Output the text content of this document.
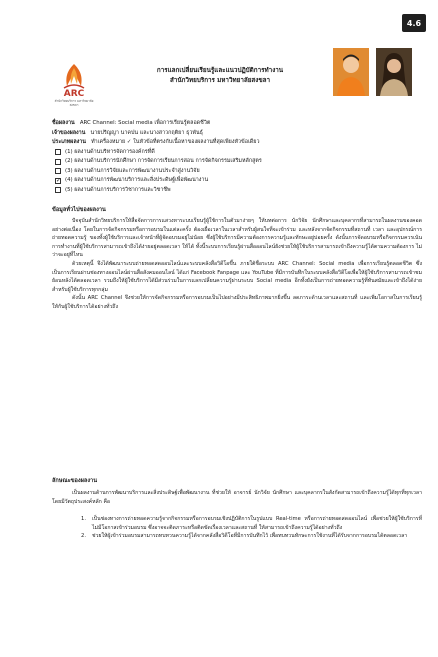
4.6
ARC
สำนักวิทยบริการ มหาวิทยาลัยสงขลา
การแลกเปลี่ยนเรียนรู้และแนวปฏิบัติการทำงาน
สำนักวิทยบริการ มหาวิทยาลัยสงขลา
ชื่อผลงาน ARC Channel: Social media เพื่อการเรียนรู้ตลอดชีวิต
เจ้าของผลงาน นายปริญญา นาคปน และนางสาวกฤติยา ธุวพันธุ์
ประเภทผลงาน ทำเครื่องหมาย ✓ ในหัวข้อที่ตรงกับเนื้อหาของผลงานที่สุดเพียงหัวข้อเดียว
(1) ผลงานด้านบริหารจัดการองค์กรที่ดี
(2) ผลงานด้านบริการนักศึกษา การจัดการเรียนการสอน การจัดกิจกรรมเสริมหลักสูตร
(3) ผลงานด้านการวิจัยและการพัฒนางานประจำสู่งานวิจัย
✓
(4) ผลงานด้านการพัฒนาบริการและสิ่งประดิษฐ์เพื่อพัฒนางาน
(5) ผลงานด้านการบริการวิชาการและวิชาชีพ
ข้อมูลทั่วไปของผลงาน

ปัจจุบันสำนักวิทยบริการให้สื่อจัดการการแสวงหาระบบเรียนรู้ผู้ใช้การในตัวมาง่ายๆ ให้บทต่อการ นักวิจัย นักศึกษาและบุคลากรที่สามารถในผลงานของคอดอย่างต่อเนื่อง โดยในการจัดกิจกรรมหรือการอบรมในแต่ละครั้ง ต้องเผื่อเวลาในเวลาสำหรับผู้สนใจที่จะเข้าร่วม และหลังจากจัดกิจกรรมที่สถานที่ เวลา และอุปกรณ์การถ่ายทอดความรู้ ของทั้งผู้ใช้บริการและเจ้าหน้าที่ผู้จัดอบรมอยู่ไม่น้อย ซึ่งผู้ใช้บริการมีความต้องการความรู้และทักษะอยู่บ่อยครั้ง ดังนั้นการจัดอบรมหรือกิจกรรมควรเน้นการทำงานที่ผู้ใช้บริการสามารถเข้าถึงได้ง่ายอยู่ตลอดเวลา ให้ได้ ทั้งนี้ระบบการเรียนรู้ผ่านสื่อออนไลน์ยังช่วยให้ผู้ใช้บริการสามารถเข้าถึงความรู้ได้ตามความต้องการ ไม่ว่าจะอยู่ที่ไหน

ด้วยเหตุนี้ จึงได้พัฒนาระบบถ่ายทอดสดออนไลน์และระบบคลังสื่อวิดีโอขึ้น ภายใต้ชื่อระบบ ARC Channel: Social media เพื่อการเรียนรู้ตลอดชีวิต ซึ่งเป็นการเรียนผ่านช่องทางออนไลน์ผ่านสื่อสังคมออนไลน์ ได้แก่ Facebook Fanpage และ YouTube ที่มีการบันทึกในระบบคลังสื่อวิดีโอเพื่อให้ผู้ใช้บริการสามารถเข้าชมย้อนหลังได้ตลอดเวลา รวมถึงให้ผู้ใช้บริการได้มีส่วนร่วมในการแลกเปลี่ยนความรู้ผ่านระบบ Social media อีกทั้งยังเป็นการถ่ายทอดความรู้ที่ทันสมัยและเข้าถึงได้ง่ายสำหรับผู้ใช้บริการทุกกลุ่ม

ดังนั้น ARC Channel จึงช่วยให้การจัดกิจกรรมหรือการอบรมเป็นไปอย่างมีประสิทธิภาพมากยิ่งขึ้น ลดภาระด้านเวลาและสถานที่ และเพิ่มโอกาสในการเรียนรู้ให้กับผู้ใช้บริการได้อย่างทั่วถึง

ลักษณะของผลงาน

เป็นผลงานด้านการพัฒนาบริการและสิ่งประดิษฐ์เพื่อพัฒนางาน ที่ช่วยให้ อาจารย์ นักวิจัย นักศึกษา และบุคลากรในสังกัดสามารถเข้าถึงความรู้ได้ทุกที่ทุกเวลา โดยมีวัตถุประสงค์หลัก คือ

1.	เป็นช่องทางการถ่ายทอดความรู้จากกิจกรรมหรือการอบรมเชิงปฏิบัติการในรูปแบบ Real-time หรือการถ่ายทอดสดออนไลน์ เพื่อช่วยให้ผู้ใช้บริการที่ไม่มีโอกาสเข้าร่วมอบรม ซึ่งอาจจะติดภาระหรือติดขัดเรื่องเวลาและสถานที่ ให้สามารถเข้าถึงความรู้ได้อย่างทั่วถึง
2.	ช่วยให้ผู้เข้าร่วมอบรมสามารถทบทวนความรู้ได้จากคลังสื่อวิดีโอที่มีการบันทึกไว้ เพื่อทบทวนทักษะการใช้งานที่ได้รับจากการอบรมได้ตลอดเวลา
